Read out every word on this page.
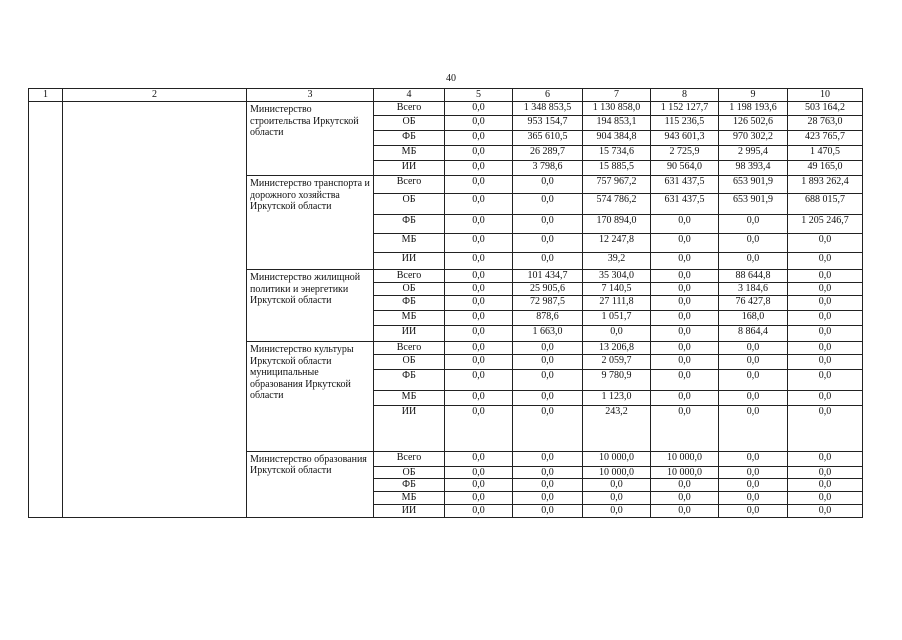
40
1	2	3	4	5	6	7	8	9	10
		Министерство строительства Иркутской области	Всего	0,0	1 348 853,5	1 130 858,0	1 152 127,7	1 198 193,6	503 164,2
			ОБ	0,0	953 154,7	194 853,1	115 236,5	126 502,6	28 763,0
			ФБ	0,0	365 610,5	904 384,8	943 601,3	970 302,2	423 765,7
			МБ	0,0	26 289,7	15 734,6	2 725,9	2 995,4	1 470,5
			ИИ	0,0	3 798,6	15 885,5	90 564,0	98 393,4	49 165,0
		Министерство транспорта и дорожного хозяйства Иркутской области	Всего	0,0	0,0	757 967,2	631 437,5	653 901,9	1 893 262,4
			ОБ	0,0	0,0	574 786,2	631 437,5	653 901,9	688 015,7
			ФБ	0,0	0,0	170 894,0	0,0	0,0	1 205 246,7
			МБ	0,0	0,0	12 247,8	0,0	0,0	0,0
			ИИ	0,0	0,0	39,2	0,0	0,0	0,0
		Министерство жилищной политики и энергетики Иркутской области	Всего	0,0	101 434,7	35 304,0	0,0	88 644,8	0,0
			ОБ	0,0	25 905,6	7 140,5	0,0	3 184,6	0,0
			ФБ	0,0	72 987,5	27 111,8	0,0	76 427,8	0,0
			МБ	0,0	878,6	1 051,7	0,0	168,0	0,0
			ИИ	0,0	1 663,0	0,0	0,0	8 864,4	0,0
		Министерство культуры Иркутской области муниципальные образования Иркутской области	Всего	0,0	0,0	13 206,8	0,0	0,0	0,0
			ОБ	0,0	0,0	2 059,7	0,0	0,0	0,0
			ФБ	0,0	0,0	9 780,9	0,0	0,0	0,0
			МБ	0,0	0,0	1 123,0	0,0	0,0	0,0
			ИИ	0,0	0,0	243,2	0,0	0,0	0,0
		Министерство образования Иркутской области	Всего	0,0	0,0	10 000,0	10 000,0	0,0	0,0
			ОБ	0,0	0,0	10 000,0	10 000,0	0,0	0,0
			ФБ	0,0	0,0	0,0	0,0	0,0	0,0
			МБ	0,0	0,0	0,0	0,0	0,0	0,0
			ИИ	0,0	0,0	0,0	0,0	0,0	0,0
